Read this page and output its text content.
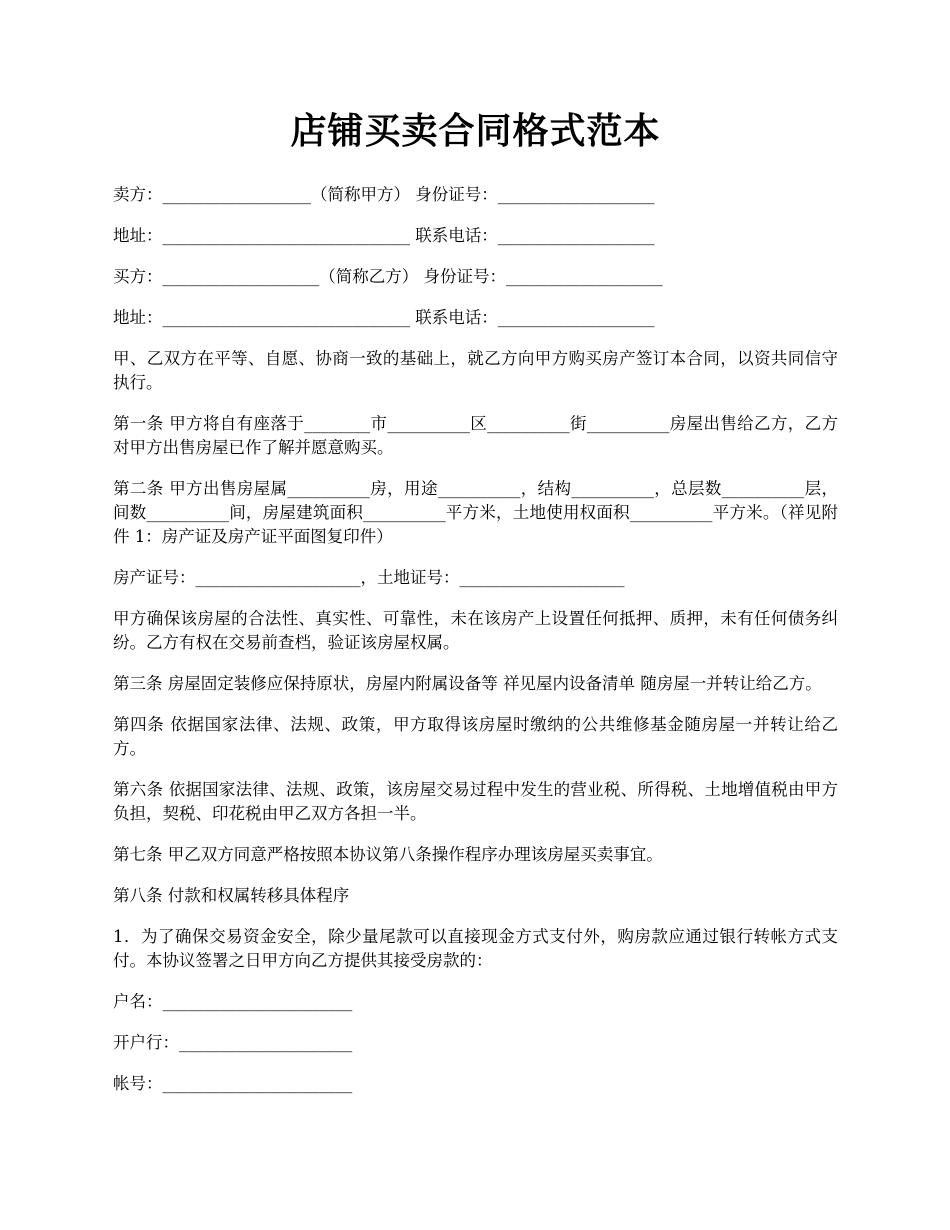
店铺买卖合同格式范本

卖方：__________________（简称甲方） 身份证号：___________________

地址：______________________________ 联系电话：___________________

买方：___________________（简称乙方） 身份证号：___________________

地址：______________________________ 联系电话：___________________

甲、乙双方在平等、自愿、协商一致的基础上，就乙方向甲方购买房产签订本合同，以资共同信守执行。

第一条 甲方将自有座落于________市__________区__________街__________房屋出售给乙方，乙方对甲方出售房屋已作了解并愿意购买。

第二条 甲方出售房屋属__________房，用途__________，结构__________，总层数__________层，间数__________间，房屋建筑面积__________平方米，土地使用权面积__________平方米。（祥见附件 1：房产证及房产证平面图复印件）

房产证号：____________________，土地证号：____________________

甲方确保该房屋的合法性、真实性、可靠性，未在该房产上设置任何抵押、质押，未有任何债务纠纷。乙方有权在交易前查档，验证该房屋权属。

第三条 房屋固定装修应保持原状，房屋内附属设备等 祥见屋内设备清单 随房屋一并转让给乙方。

第四条 依据国家法律、法规、政策，甲方取得该房屋时缴纳的公共维修基金随房屋一并转让给乙方。

第六条 依据国家法律、法规、政策，该房屋交易过程中发生的营业税、所得税、土地增值税由甲方负担，契税、印花税由甲乙双方各担一半。

第七条 甲乙双方同意严格按照本协议第八条操作程序办理该房屋买卖事宜。

第八条 付款和权属转移具体程序

1．为了确保交易资金安全，除少量尾款可以直接现金方式支付外，购房款应通过银行转帐方式支付。本协议签署之日甲方向乙方提供其接受房款的：

户名：_______________________

开户行：_____________________

帐号：_______________________
